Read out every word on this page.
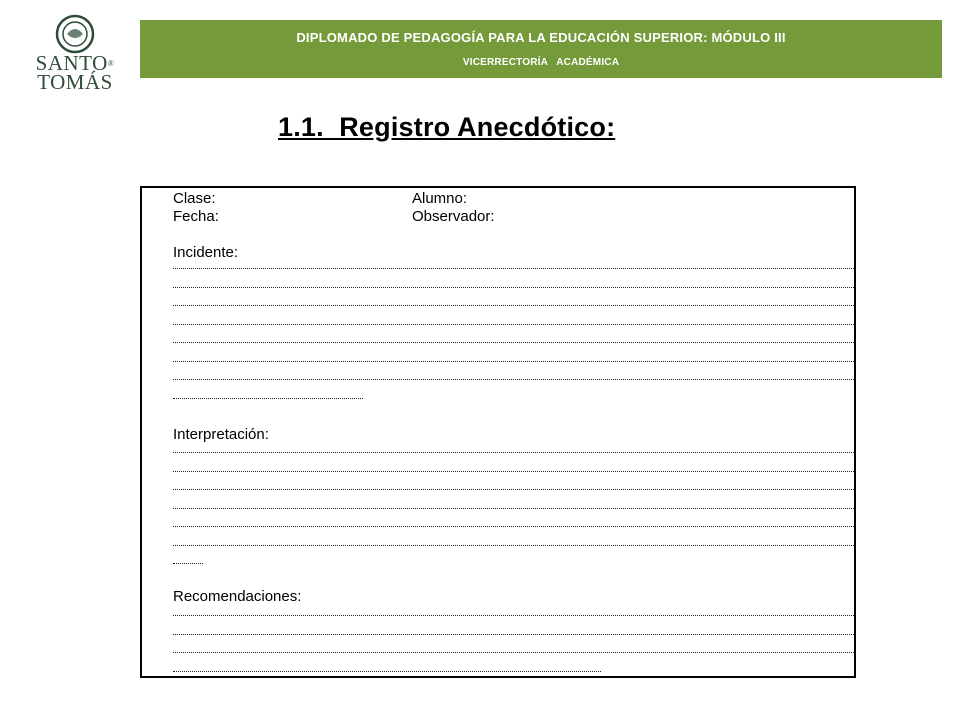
SANTO®
TOMÁS
DIPLOMADO DE PEDAGOGÍA PARA LA EDUCACIÓN SUPERIOR: MÓDULO III
VICERRECTORÍA   ACADÉMICA
1.1.  Registro Anecdótico:
Clase:	Alumno:
Fecha:	Observador:
Incidente:
Interpretación:
Recomendaciones:
